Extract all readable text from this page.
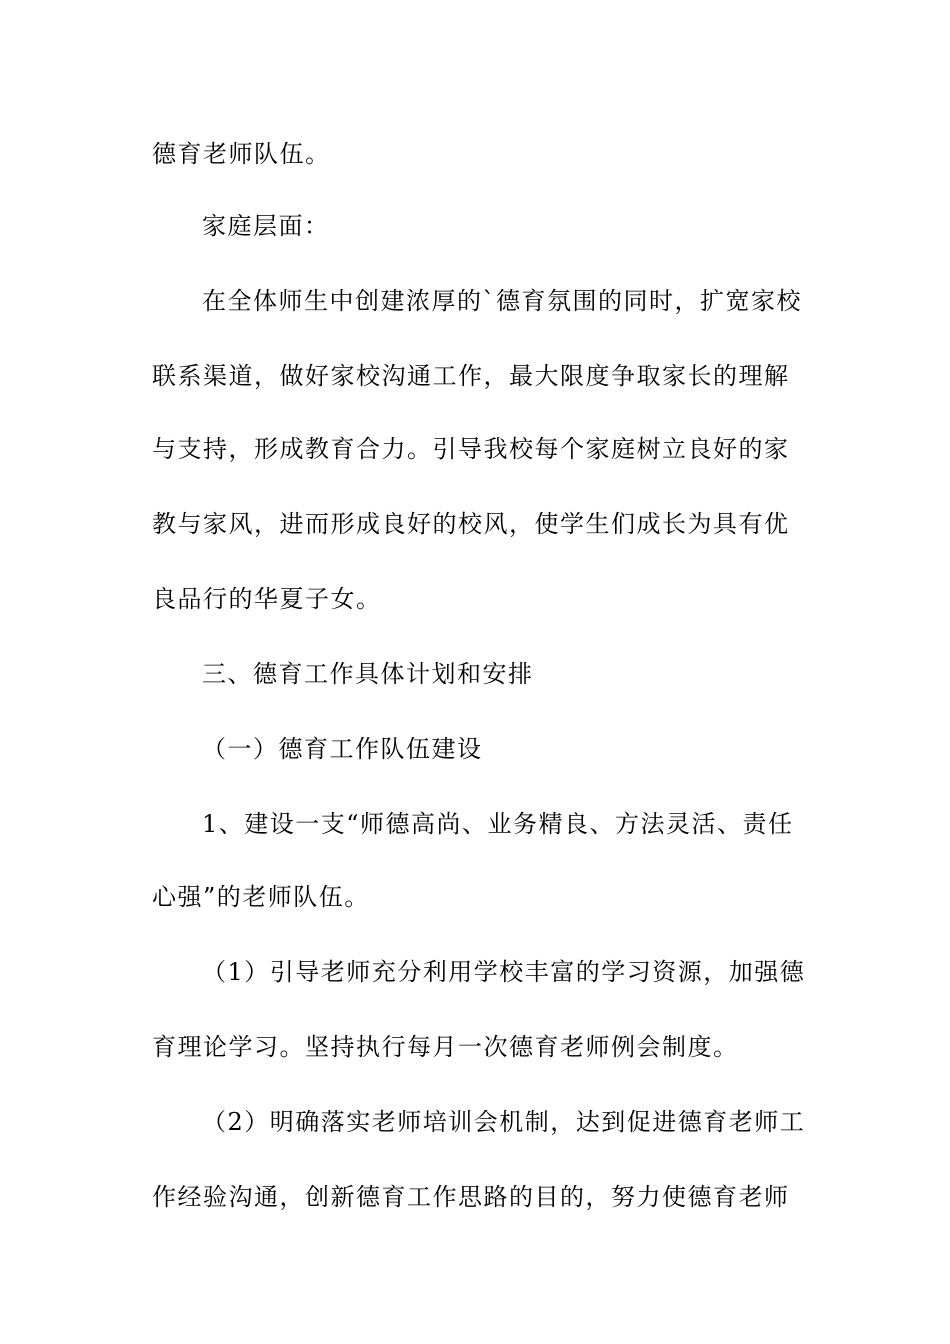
德育老师队伍。
家庭层面：
在全体师生中创建浓厚的`德育氛围的同时，扩宽家校
联系渠道，做好家校沟通工作，最大限度争取家长的理解
与支持，形成教育合力。引导我校每个家庭树立良好的家
教与家风，进而形成良好的校风，使学生们成长为具有优
良品行的华夏子女。
三、德育工作具体计划和安排
（一）德育工作队伍建设
1、建设一支“师德高尚、业务精良、方法灵活、责任
心强”的老师队伍。
（1）引导老师充分利用学校丰富的学习资源，加强德
育理论学习。坚持执行每月一次德育老师例会制度。
（2）明确落实老师培训会机制，达到促进德育老师工
作经验沟通，创新德育工作思路的目的，努力使德育老师
